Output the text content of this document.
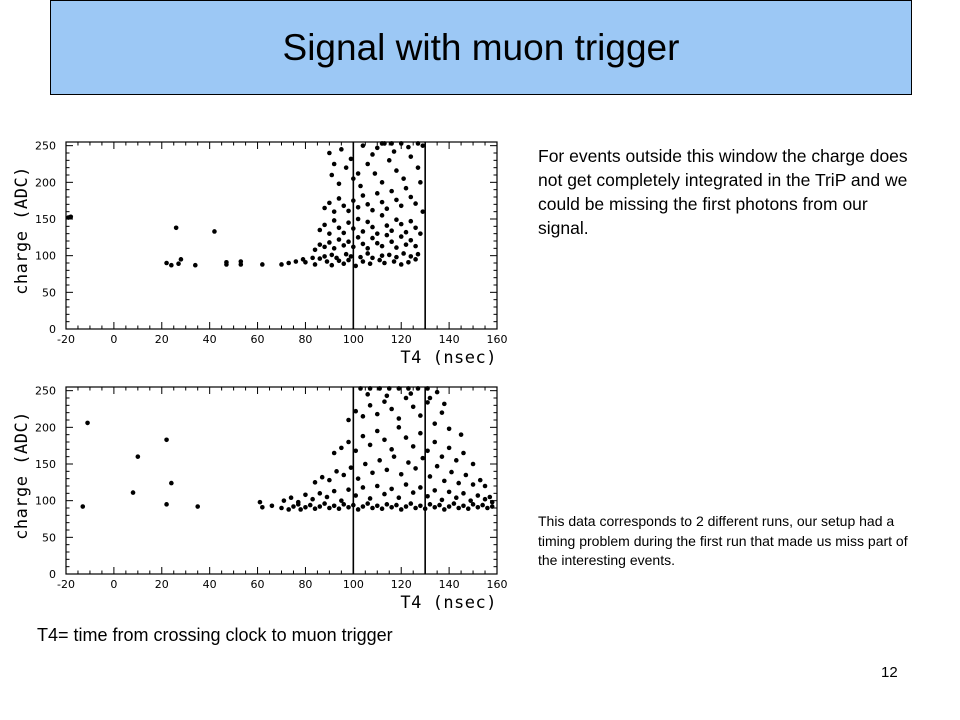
Signal with muon trigger
-20	0	20	40	60	80	100 120 140 160
0
50
100
150
200
250
T4 (nsec)
charge (ADC)
-20	0	20	40	60	80	100 120 140 160
0
50
100
150
200
250
T4 (nsec)
charge (ADC)
For events outside this window the charge does not get completely integrated in the TriP and we could be missing the first photons from our signal.
This data corresponds to 2 different runs, our setup had a timing problem during the first run that made us miss part of the interesting events.
T4= time from crossing clock to muon trigger
12
